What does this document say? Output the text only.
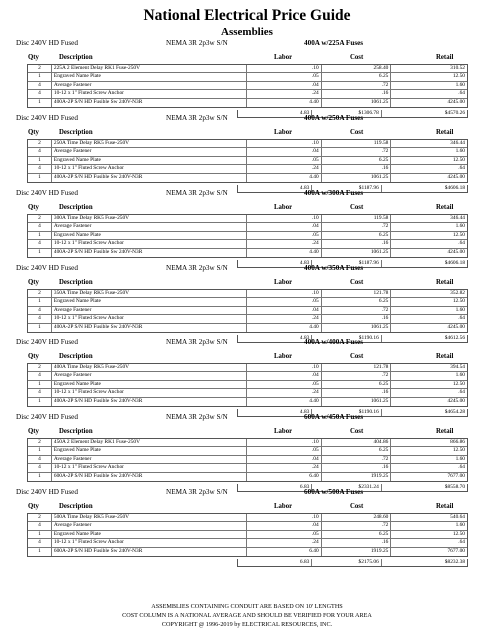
National Electrical Price Guide
Assemblies
Disc 240V HD Fused	NEMA 3R 2p3w S/N	400A w/225A Fuses
Qty	Description	Labor	Cost	Retail
2	225A 2 Element Delay RK1 Fuse-250V	.10	258.40	310.52
1	Engraved Name Plate	.05	6.25	12.50
4	Average Fastener	.04	.72	1.60
4	10-12 x 1" Fluted Screw Anchor	.24	.16	.64
1	400A-2P S/N HD Fusible Sw 240V-N3R	4.40	1061.25	4245.00
4.83	$1306.78	$4570.26
Disc 240V HD Fused	NEMA 3R 2p3w S/N	400A w/250A Fuses
Qty	Description	Labor	Cost	Retail
2	250A Time Delay RK5 Fuse-250V	.10	119.58	346.44
4	Average Fastener	.04	.72	1.60
1	Engraved Name Plate	.05	6.25	12.50
4	10-12 x 1" Fluted Screw Anchor	.24	.16	.64
1	400A-2P S/N HD Fusible Sw 240V-N3R	4.40	1061.25	4245.00
4.83	$1187.96	$4606.18
Disc 240V HD Fused	NEMA 3R 2p3w S/N	400A w/300A Fuses
Qty	Description	Labor	Cost	Retail
2	300A Time Delay RK5 Fuse-250V	.10	119.58	346.44
4	Average Fastener	.04	.72	1.60
1	Engraved Name Plate	.05	6.25	12.50
4	10-12 x 1" Fluted Screw Anchor	.24	.16	.64
1	400A-2P S/N HD Fusible Sw 240V-N3R	4.40	1061.25	4245.00
4.83	$1187.96	$4606.18
Disc 240V HD Fused	NEMA 3R 2p3w S/N	400A w/350A Fuses
Qty	Description	Labor	Cost	Retail
2	350A Time Delay RK5 Fuse-250V	.10	121.78	352.82
1	Engraved Name Plate	.05	6.25	12.50
4	Average Fastener	.04	.72	1.60
4	10-12 x 1" Fluted Screw Anchor	.24	.16	.64
1	400A-2P S/N HD Fusible Sw 240V-N3R	4.40	1061.25	4245.00
4.83	$1190.16	$4612.56
Disc 240V HD Fused	NEMA 3R 2p3w S/N	400A w/400A Fuses
Qty	Description	Labor	Cost	Retail
2	400A Time Delay RK5 Fuse-250V	.10	121.78	394.54
4	Average Fastener	.04	.72	1.60
1	Engraved Name Plate	.05	6.25	12.50
4	10-12 x 1" Fluted Screw Anchor	.24	.16	.64
1	400A-2P S/N HD Fusible Sw 240V-N3R	4.40	1061.25	4245.00
4.83	$1190.16	$4654.28
Disc 240V HD Fused	NEMA 3R 2p3w S/N	600A w/450A Fuses
Qty	Description	Labor	Cost	Retail
2	450A 2 Element Delay RK1 Fuse-250V	.10	404.86	866.86
1	Engraved Name Plate	.05	6.25	12.50
4	Average Fastener	.04	.72	1.60
4	10-12 x 1" Fluted Screw Anchor	.24	.16	.64
1	600A-2P S/N HD Fusible Sw 240V-N3R	6.40	1919.25	7677.00
6.83	$2331.24	$8558.70
Disc 240V HD Fused	NEMA 3R 2p3w S/N	600A w/500A Fuses
Qty	Description	Labor	Cost	Retail
2	500A Time Delay RK5 Fuse-250V	.10	248.60	540.64
4	Average Fastener	.04	.72	1.60
1	Engraved Name Plate	.05	6.25	12.50
4	10-12 x 1" Fluted Screw Anchor	.24	.16	.64
1	600A-2P S/N HD Fusible Sw 240V-N3R	6.40	1919.25	7677.00
6.83	$2175.06	$8232.38
ASSEMBLIES CONTAINING CONDUIT ARE BASED ON 10' LENGTHS
COST COLUMN IS A NATIONAL AVERAGE AND SHOULD BE VERIFIED FOR YOUR AREA
COPYRIGHT @ 1996-2019 by ELECTRICAL RESOURCES, INC.
